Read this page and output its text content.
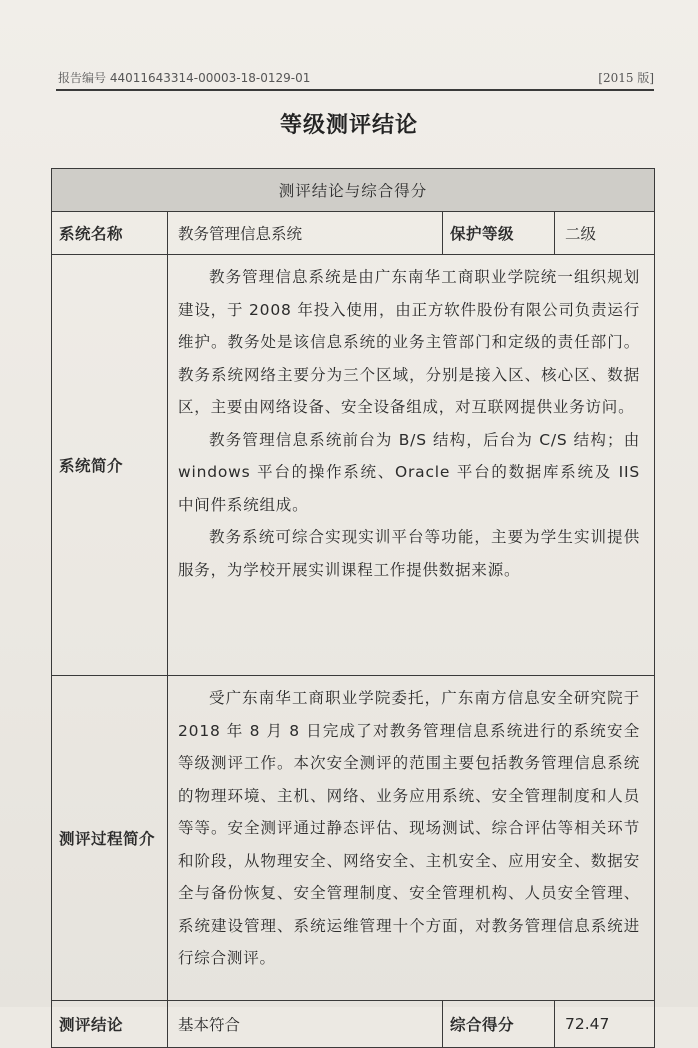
报告编号 44011643314-00003-18-0129-01	[2015 版]
等级测评结论
测评结论与综合得分			
系统名称	教务管理信息系统	保护等级	二级
系统简介	教务管理信息系统是由广东南华工商职业学院统一组织规划建设，于 2008 年投入使用，由正方软件股份有限公司负责运行维护。教务处是该信息系统的业务主管部门和定级的责任部门。教务系统网络主要分为三个区域，分别是接入区、核心区、数据区，主要由网络设备、安全设备组成，对互联网提供业务访问。

教务管理信息系统前台为 B/S 结构，后台为 C/S 结构；由 windows 平台的操作系统、Oracle 平台的数据库系统及 IIS 中间件系统组成。

教务系统可综合实现实训平台等功能，主要为学生实训提供服务，为学校开展实训课程工作提供数据来源。		

测评过程简介	受广东南华工商职业学院委托，广东南方信息安全研究院于 2018 年 8 月 8 日完成了对教务管理信息系统进行的系统安全等级测评工作。本次安全测评的范围主要包括教务管理信息系统的物理环境、主机、网络、业务应用系统、安全管理制度和人员等等。安全测评通过静态评估、现场测试、综合评估等相关环节和阶段，从物理安全、网络安全、主机安全、应用安全、数据安全与备份恢复、安全管理制度、安全管理机构、人员安全管理、系统建设管理、系统运维管理十个方面，对教务管理信息系统进行综合测评。		

测评结论	基本符合	综合得分	72.47
